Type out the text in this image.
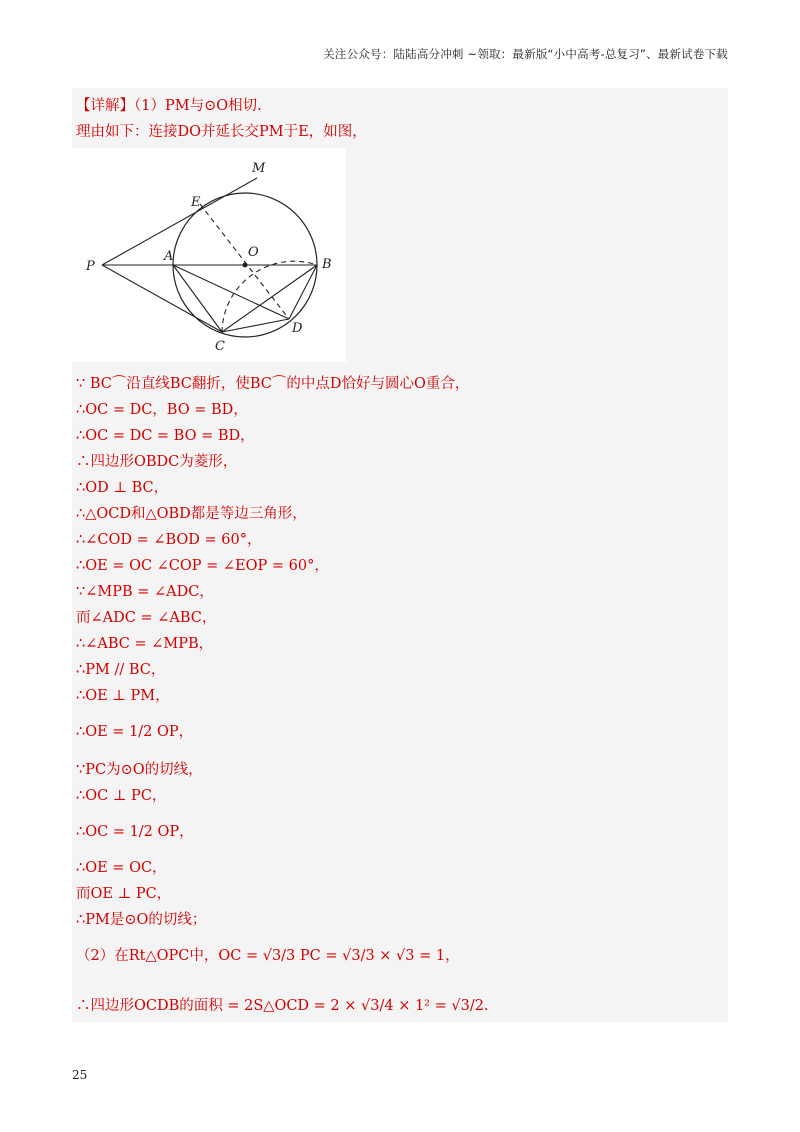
关注公众号：陆陆高分冲刺 ~领取：最新版“小中高考-总复习”、最新试卷下载
【详解】（1）PM与⊙O相切.
理由如下：连接DO并延长交PM于E，如图，
M
E
O
P
A
B
D
C
∵ BC⌒沿直线BC翻折，使BC⌒的中点D恰好与圆心O重合，
∴OC = DC，BO = BD，
∴OC = DC = BO = BD，
∴四边形OBDC为菱形，
∴OD ⊥ BC，
∴△OCD和△OBD都是等边三角形，
∴∠COD = ∠BOD = 60°，
∴OE = OC ∠COP = ∠EOP = 60°，
∵∠MPB = ∠ADC，
而∠ADC = ∠ABC，
∴∠ABC = ∠MPB，
∴PM // BC，
∴OE ⊥ PM，
∴OE = 1/2 OP，
∵PC为⊙O的切线，
∴OC ⊥ PC，
∴OC = 1/2 OP，
∴OE = OC，
而OE ⊥ PC，
∴PM是⊙O的切线；
（2）在Rt△OPC中，OC = √3/3 PC = √3/3 × √3 = 1，
∴四边形OCDB的面积 = 2S△OCD = 2 × √3/4 × 1² = √3/2.
25
